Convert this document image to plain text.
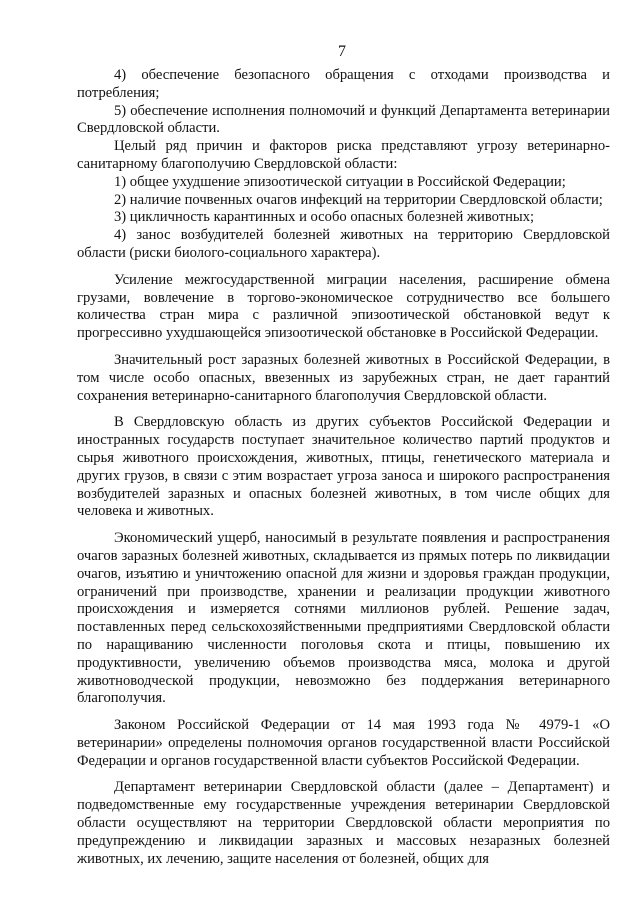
7

4) обеспечение безопасного обращения с отходами производства и потребления;

5) обеспечение исполнения полномочий и функций Департамента ветеринарии Свердловской области.

Целый ряд причин и факторов риска представляют угрозу ветеринарно-санитарному благополучию Свердловской области:

1) общее ухудшение эпизоотической ситуации в Российской Федерации;

2) наличие почвенных очагов инфекций на территории Свердловской области;

3) цикличность карантинных и особо опасных болезней животных;

4) занос возбудителей болезней животных на территорию Свердловской области (риски биолого-социального характера).

Усиление межгосударственной миграции населения, расширение обмена грузами, вовлечение в торгово-экономическое сотрудничество все большего количества стран мира с различной эпизоотической обстановкой ведут к прогрессивно ухудшающейся эпизоотической обстановке в Российской Федерации.

Значительный рост заразных болезней животных в Российской Федерации, в том числе особо опасных, ввезенных из зарубежных стран, не дает гарантий сохранения ветеринарно-санитарного благополучия Свердловской области.

В Свердловскую область из других субъектов Российской Федерации и иностранных государств поступает значительное количество партий продуктов и сырья животного происхождения, животных, птицы, генетического материала и других грузов, в связи с этим возрастает угроза заноса и широкого распространения возбудителей заразных и опасных болезней животных, в том числе общих для человека и животных.

Экономический ущерб, наносимый в результате появления и распространения очагов заразных болезней животных, складывается из прямых потерь по ликвидации очагов, изъятию и уничтожению опасной для жизни и здоровья граждан продукции, ограничений при производстве, хранении и реализации продукции животного происхождения и измеряется сотнями миллионов рублей. Решение задач, поставленных перед сельскохозяйственными предприятиями Свердловской области по наращиванию численности поголовья скота и птицы, повышению их продуктивности, увеличению объемов производства мяса, молока и другой животноводческой продукции, невозможно без поддержания ветеринарного благополучия.

Законом Российской Федерации от 14 мая 1993 года № 4979-1 «О ветеринарии» определены полномочия органов государственной власти Российской Федерации и органов государственной власти субъектов Российской Федерации.

Департамент ветеринарии Свердловской области (далее – Департамент) и подведомственные ему государственные учреждения ветеринарии Свердловской области осуществляют на территории Свердловской области мероприятия по предупреждению и ликвидации заразных и массовых незаразных болезней животных, их лечению, защите населения от болезней, общих для
